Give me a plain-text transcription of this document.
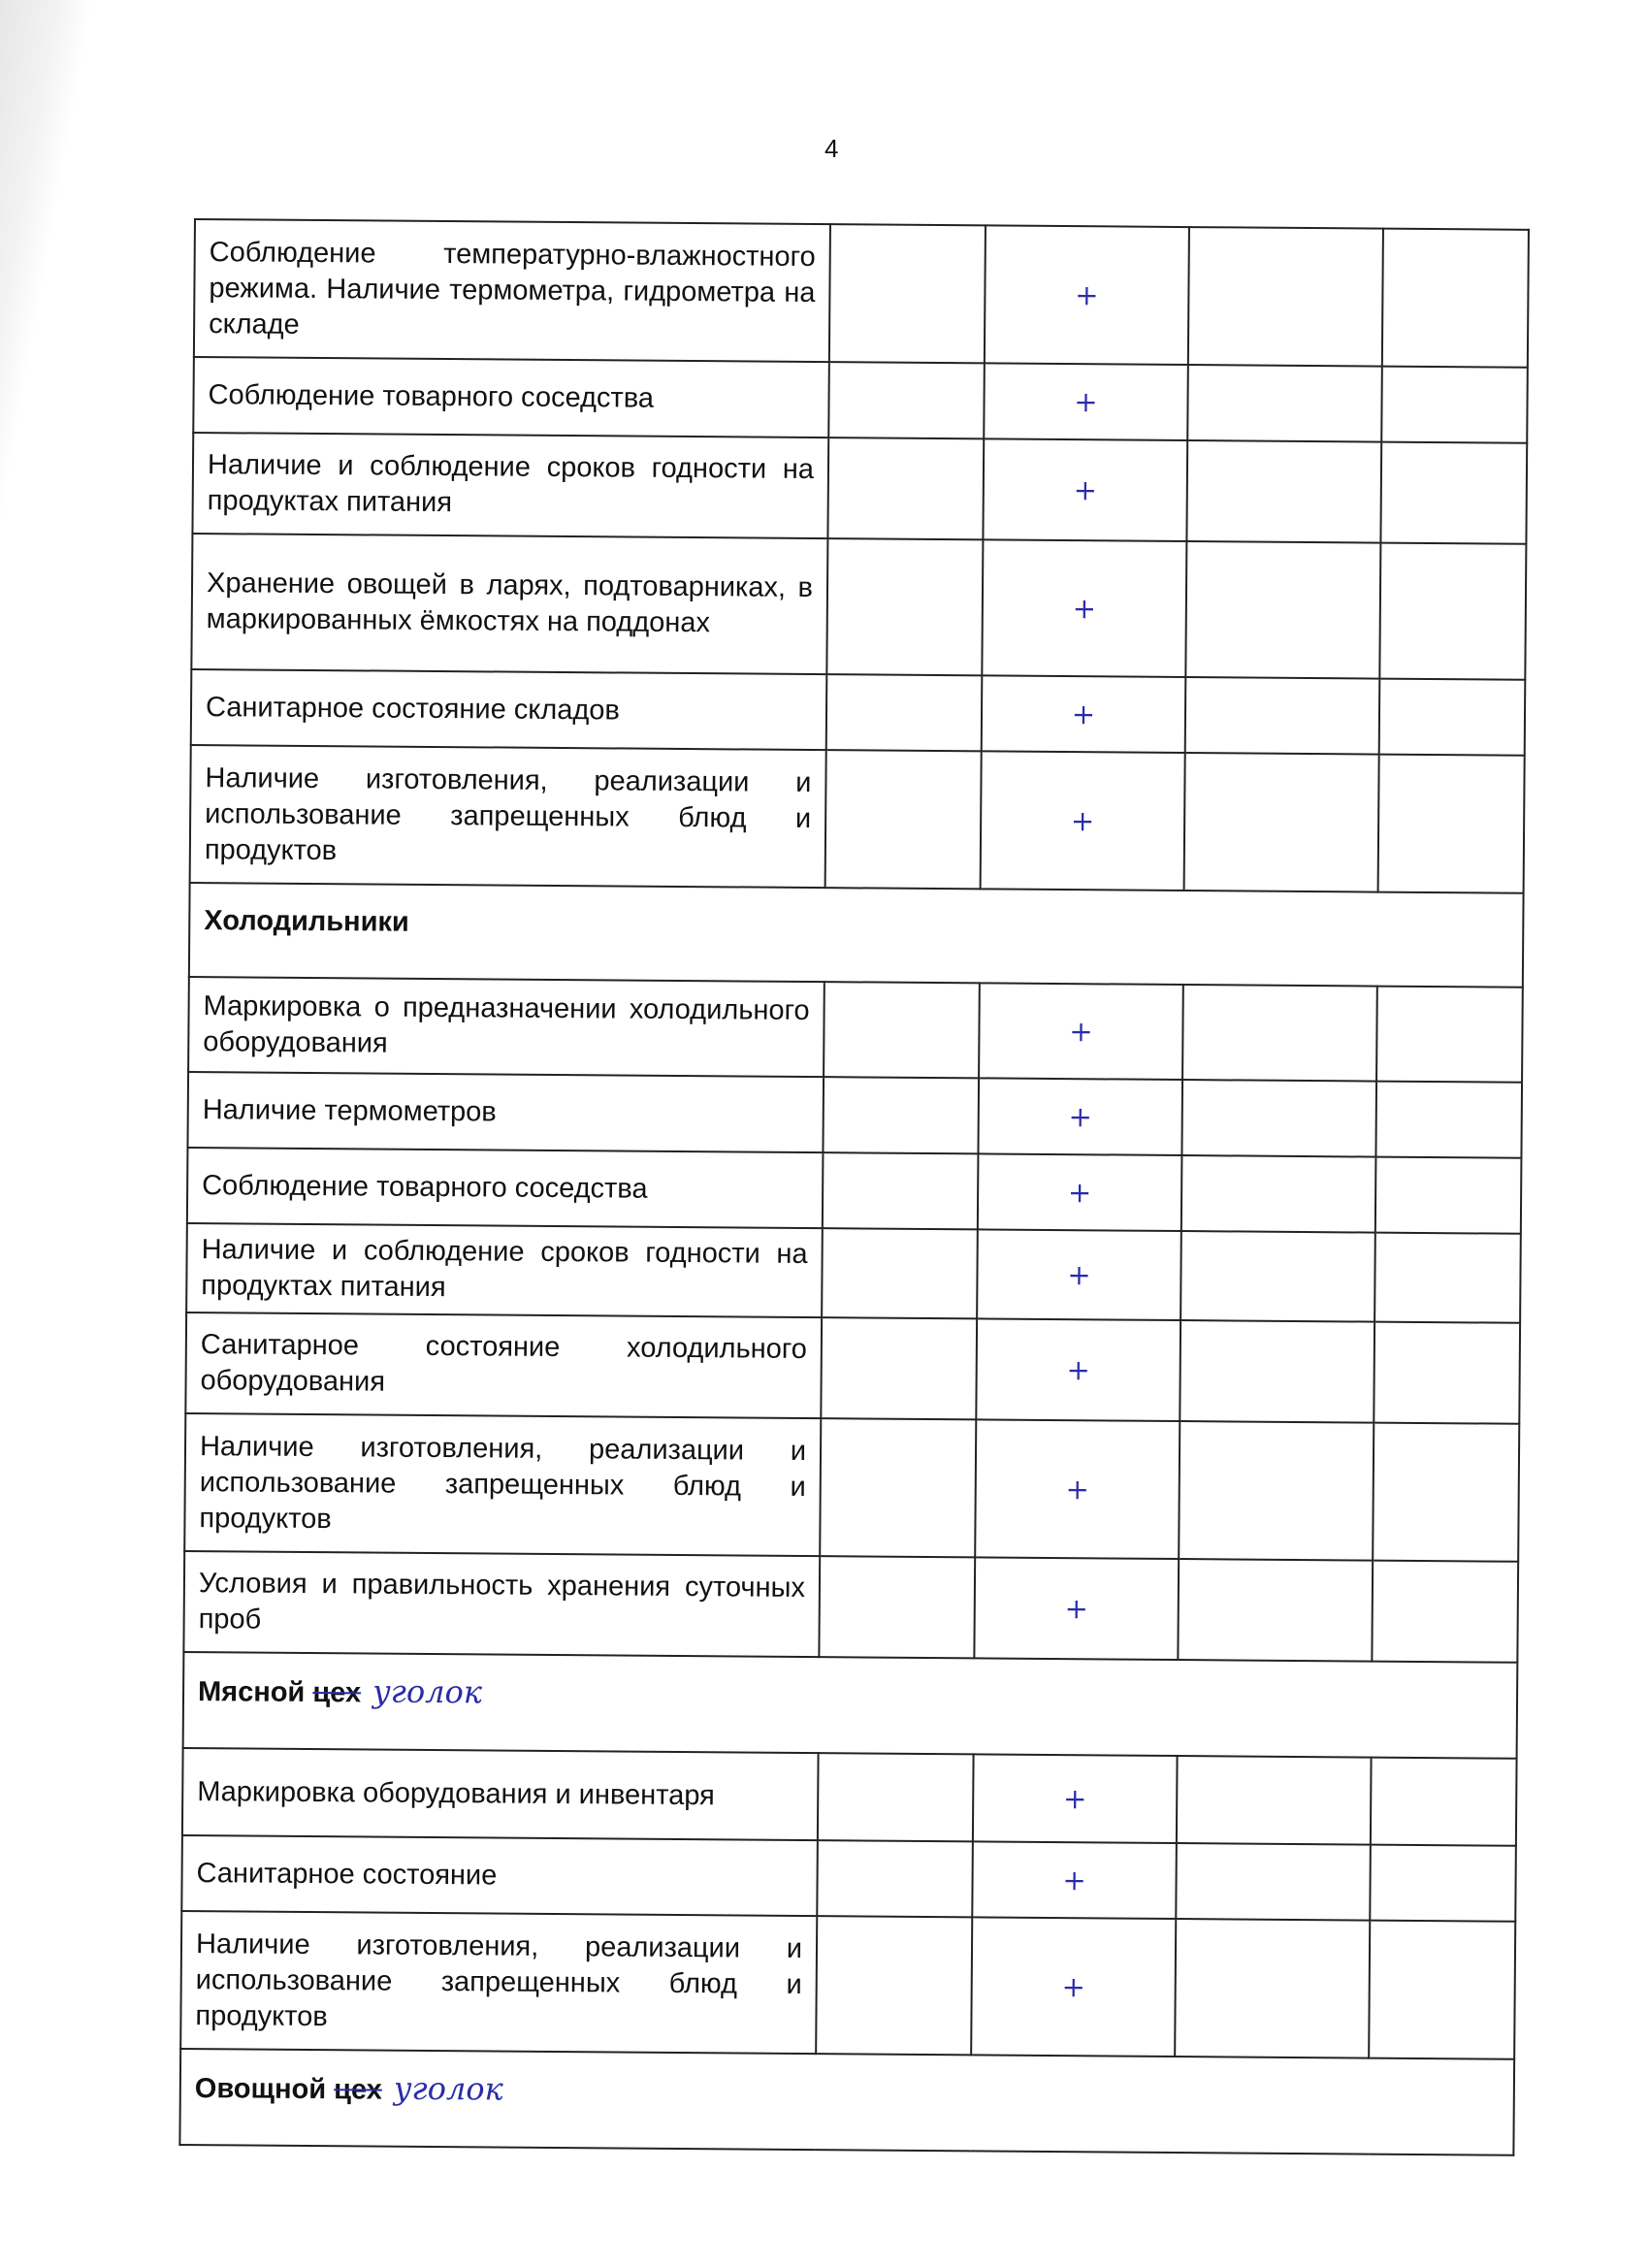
4
Соблюдение температурно-влажностного режима. Наличие термометра, гидрометра на складе		+		
Соблюдение товарного соседства		+		
Наличие и соблюдение сроков годности на продуктах питания		+		
Хранение овощей в ларях, подтоварниках, в маркированных ёмкостях на поддонах		+		
Санитарное состояние складов		+		
Наличие изготовления, реализации и использование запрещенных блюд и продуктов		+		
Холодильники				
Маркировка о предназначении холодильного оборудования		+		
Наличие термометров		+		
Соблюдение товарного соседства		+		
Наличие и соблюдение сроков годности на продуктах питания		+		
Санитарное состояние холодильного оборудования		+		
Наличие изготовления, реализации и использование запрещенных блюд и продуктов		+		
Условия и правильность хранения суточных проб		+		
Мясной цех уголок				
Маркировка оборудования и инвентаря		+		
Санитарное состояние		+		
Наличие изготовления, реализации и использование запрещенных блюд и продуктов		+		
Овощной цех уголок				
